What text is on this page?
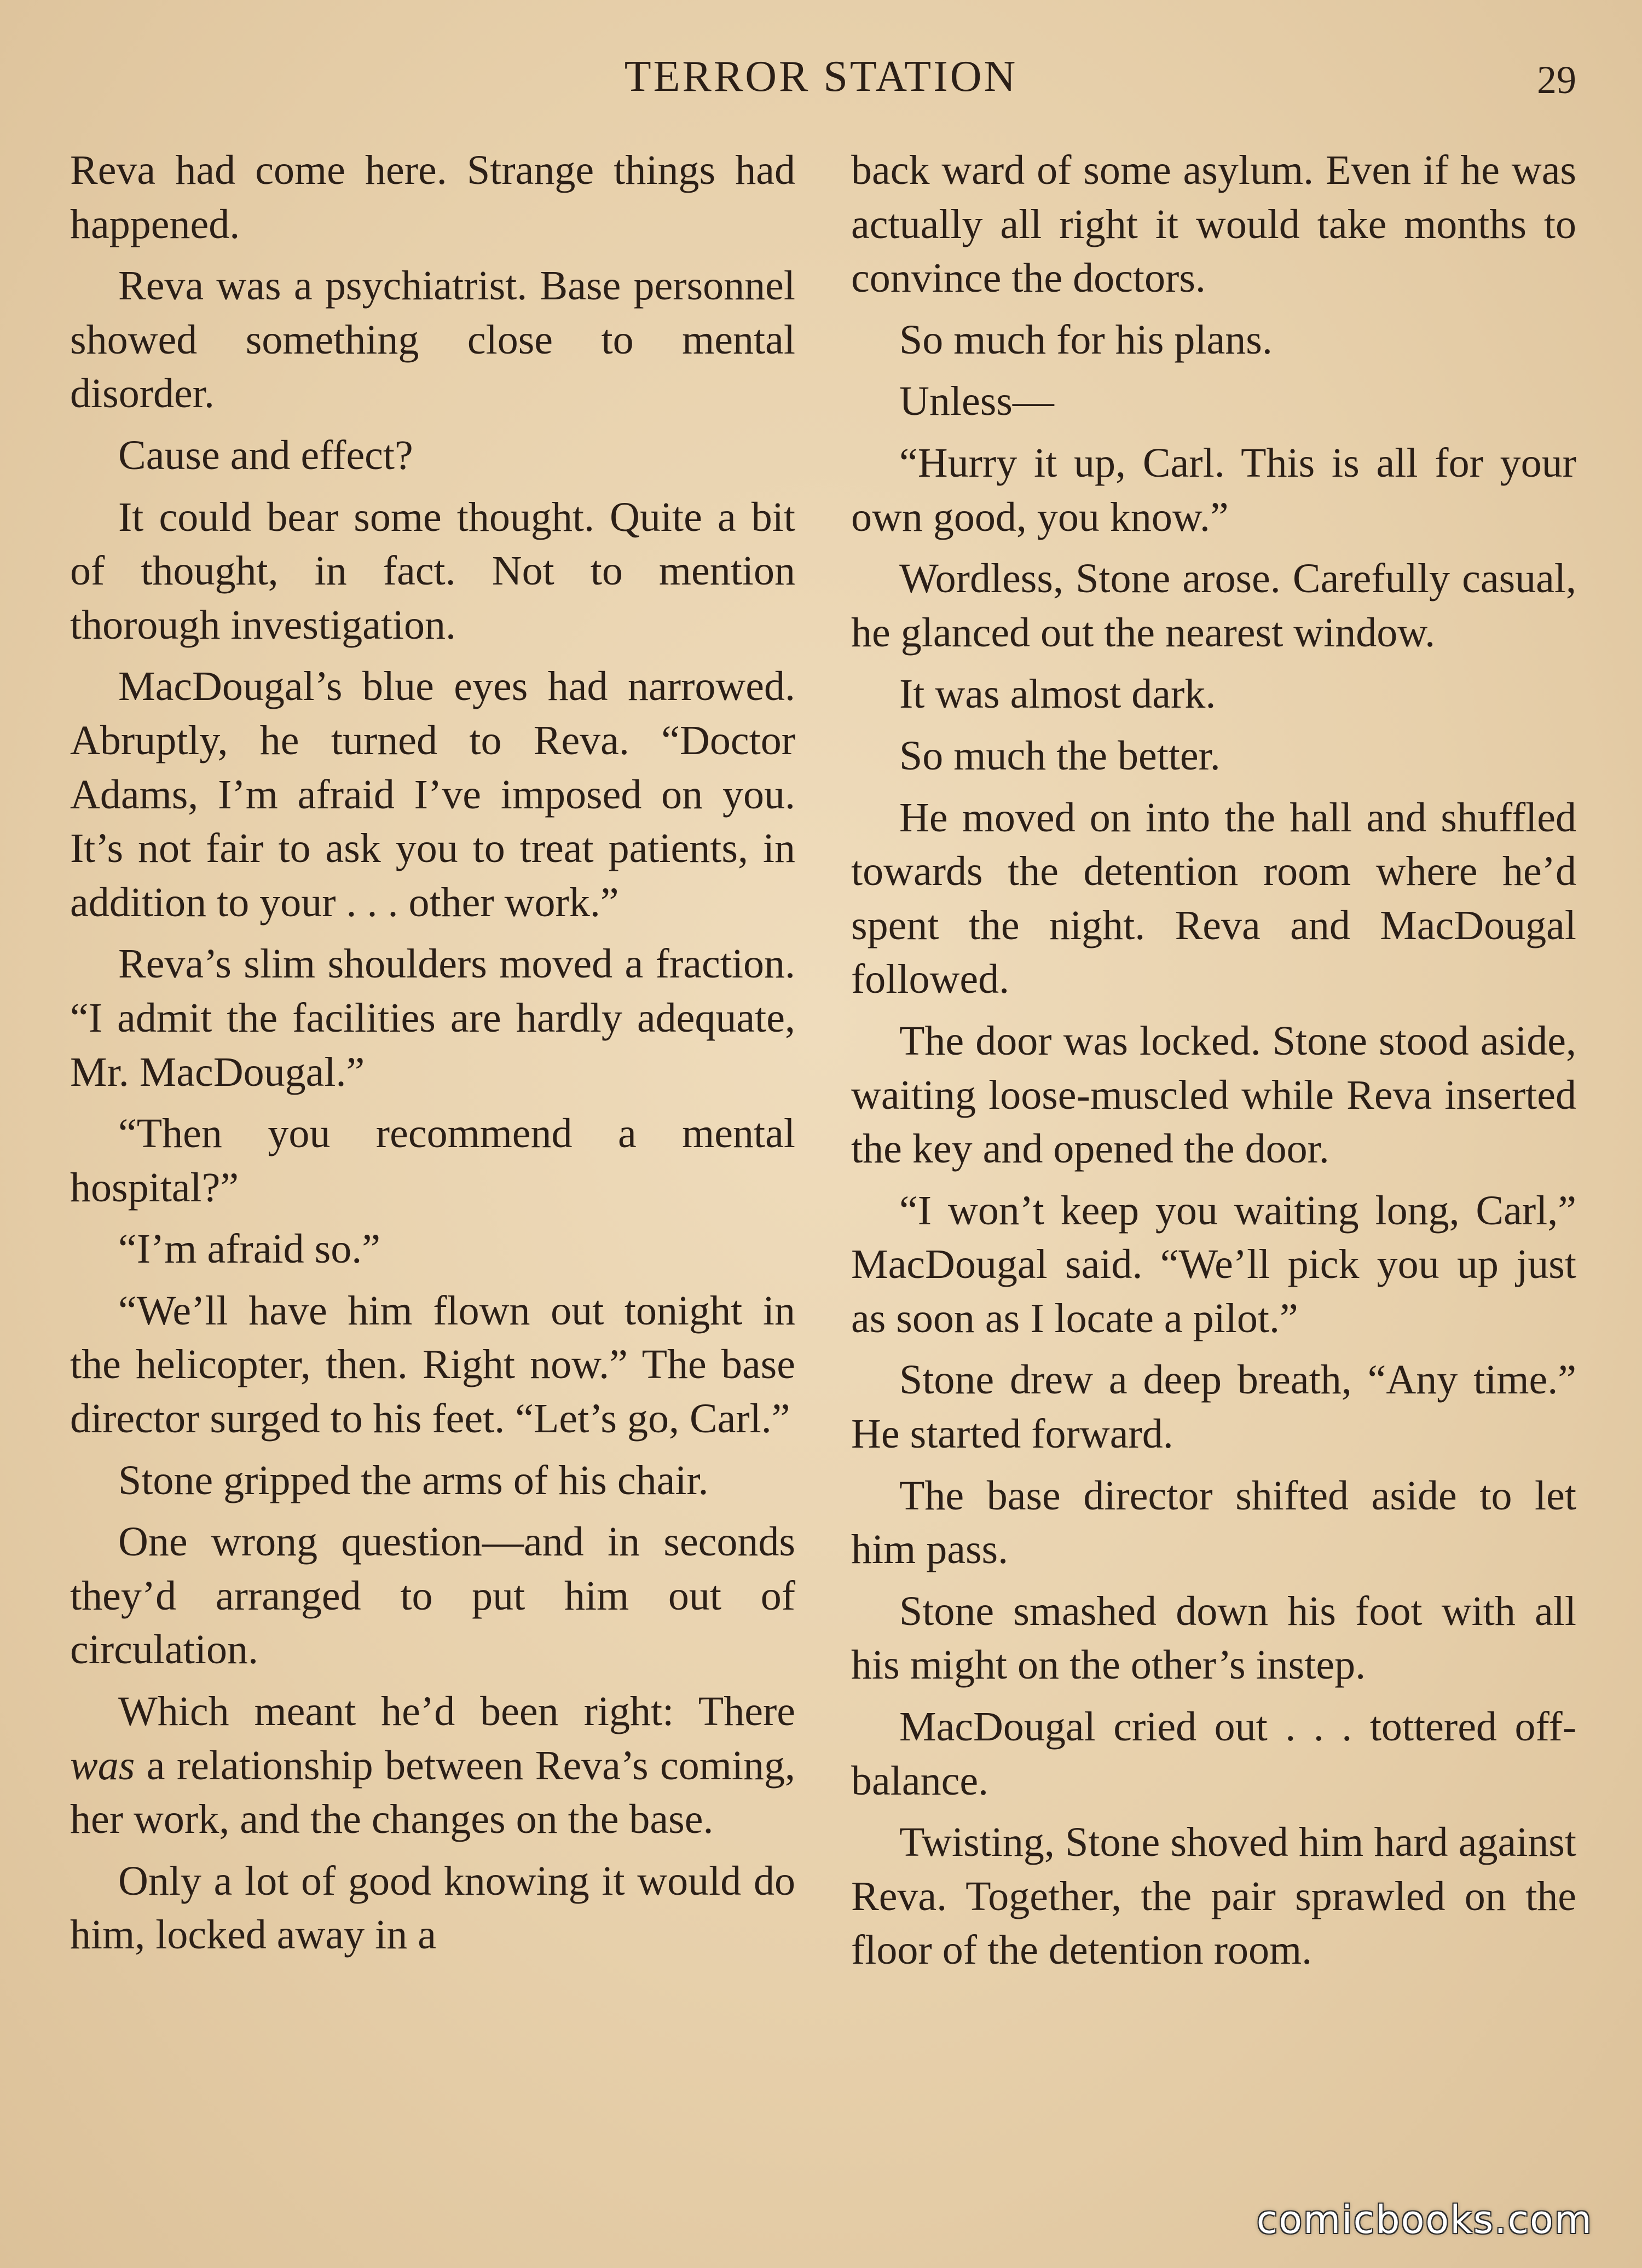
TERROR STATION	29

Reva had come here. Strange things had happened.

Reva was a psychiatrist. Base personnel showed something close to mental disorder.

Cause and effect?

It could bear some thought. Quite a bit of thought, in fact. Not to mention thorough investigation.

MacDougal’s blue eyes had narrowed. Abruptly, he turned to Reva. “Doctor Adams, I’m afraid I’ve imposed on you. It’s not fair to ask you to treat patients, in addition to your . . . other work.”

Reva’s slim shoulders moved a fraction. “I admit the facilities are hardly adequate, Mr. MacDougal.”

“Then you recommend a mental hospital?”

“I’m afraid so.”

“We’ll have him flown out tonight in the helicopter, then. Right now.” The base director surged to his feet. “Let’s go, Carl.”

Stone gripped the arms of his chair.

One wrong question—and in seconds they’d arranged to put him out of circulation.

Which meant he’d been right: There was a relationship between Reva’s coming, her work, and the changes on the base.

Only a lot of good knowing it would do him, locked away in a

back ward of some asylum. Even if he was actually all right it would take months to convince the doctors.

So much for his plans.

Unless—

“Hurry it up, Carl. This is all for your own good, you know.”

Wordless, Stone arose. Carefully casual, he glanced out the nearest window.

It was almost dark.

So much the better.

He moved on into the hall and shuffled towards the detention room where he’d spent the night. Reva and MacDougal followed.

The door was locked. Stone stood aside, waiting loose-muscled while Reva inserted the key and opened the door.

“I won’t keep you waiting long, Carl,” MacDougal said. “We’ll pick you up just as soon as I locate a pilot.”

Stone drew a deep breath, “Any time.” He started forward.

The base director shifted aside to let him pass.

Stone smashed down his foot with all his might on the other’s instep.

MacDougal cried out . . . tottered off-balance.

Twisting, Stone shoved him hard against Reva. Together, the pair sprawled on the floor of the detention room.

comicbooks.com
